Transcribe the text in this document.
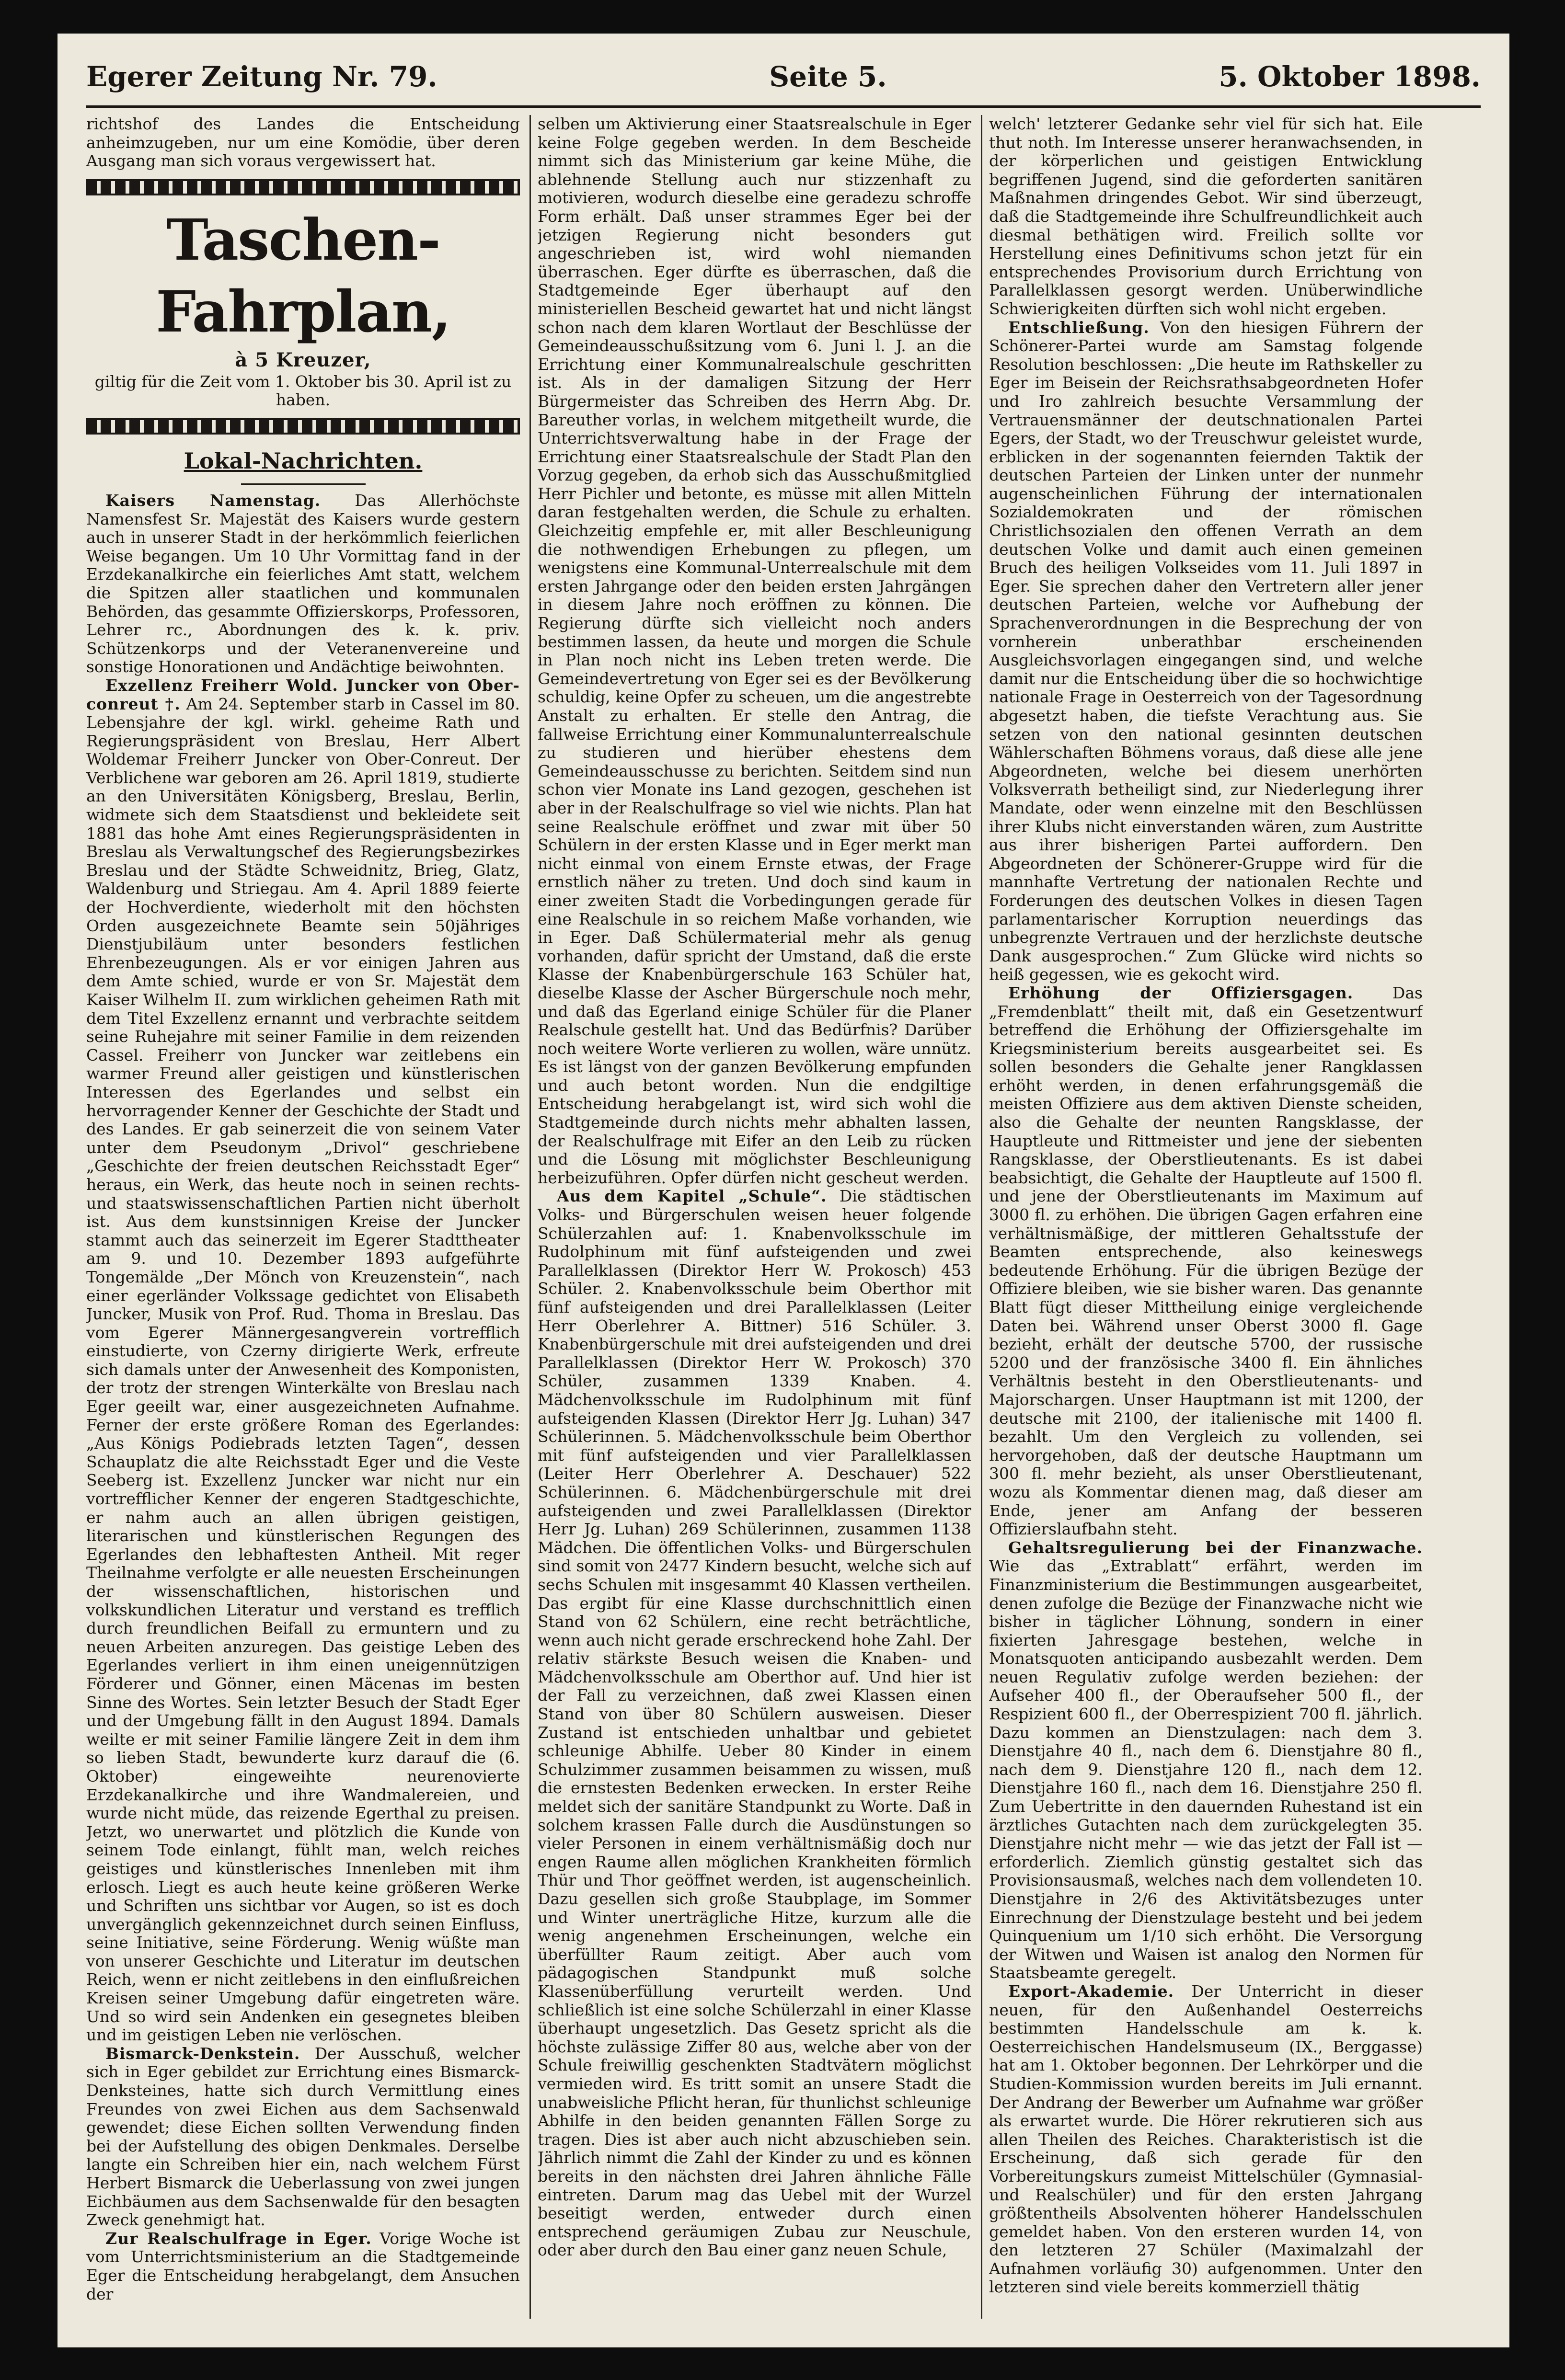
Egerer Zeitung Nr. 79.	Seite 5.	5. Oktober 1898.

richtshof des Landes die Entscheidung anheimzugeben, nur um eine Komödie, über deren Ausgang man sich voraus vergewissert hat.

Taschen-Fahrplan,

à 5 Kreuzer,

giltig für die Zeit vom 1. Oktober bis 30. April ist zu haben.

Lokal-Nachrichten.

Kaisers Namenstag. Das Allerhöchste Namensfest Sr. Majestät des Kaisers wurde gestern auch in unserer Stadt in der herkömmlich feierlichen Weise begangen. Um 10 Uhr Vormittag fand in der Erzdekanalkirche ein feierliches Amt statt, welchem die Spitzen aller staatlichen und kommunalen Behörden, das gesammte Offizierskorps, Professoren, Lehrer rc., Abordnungen des k. k. priv. Schützenkorps und der Veteranenvereine und sonstige Honorationen und Andächtige beiwohnten.

Exzellenz Freiherr Wold. Juncker von Ober-conreut †. Am 24. September starb in Cassel im 80. Lebensjahre der kgl. wirkl. geheime Rath und Regierungspräsident von Breslau, Herr Albert Woldemar Freiherr Juncker von Ober-Conreut. Der Verblichene war geboren am 26. April 1819, studierte an den Universitäten Königsberg, Breslau, Berlin, widmete sich dem Staatsdienst und bekleidete seit 1881 das hohe Amt eines Regierungspräsidenten in Breslau als Verwaltungschef des Regierungsbezirkes Breslau und der Städte Schweidnitz, Brieg, Glatz, Waldenburg und Striegau. Am 4. April 1889 feierte der Hochverdiente, wiederholt mit den höchsten Orden ausgezeichnete Beamte sein 50jähriges Dienstjubiläum unter besonders festlichen Ehrenbezeugungen. Als er vor einigen Jahren aus dem Amte schied, wurde er von Sr. Majestät dem Kaiser Wilhelm II. zum wirklichen geheimen Rath mit dem Titel Exzellenz ernannt und verbrachte seitdem seine Ruhejahre mit seiner Familie in dem reizenden Cassel. Freiherr von Juncker war zeitlebens ein warmer Freund aller geistigen und künstlerischen Interessen des Egerlandes und selbst ein hervorragender Kenner der Geschichte der Stadt und des Landes. Er gab seinerzeit die von seinem Vater unter dem Pseudonym „Drivol“ geschriebene „Geschichte der freien deutschen Reichsstadt Eger“ heraus, ein Werk, das heute noch in seinen rechts- und staatswissenschaftlichen Partien nicht überholt ist. Aus dem kunstsinnigen Kreise der Juncker stammt auch das seinerzeit im Egerer Stadttheater am 9. und 10. Dezember 1893 aufgeführte Tongemälde „Der Mönch von Kreuzenstein“, nach einer egerländer Volkssage gedichtet von Elisabeth Juncker, Musik von Prof. Rud. Thoma in Breslau. Das vom Egerer Männergesangverein vortrefflich einstudierte, von Czerny dirigierte Werk, erfreute sich damals unter der Anwesenheit des Komponisten, der trotz der strengen Winterkälte von Breslau nach Eger geeilt war, einer ausgezeichneten Aufnahme. Ferner der erste größere Roman des Egerlandes: „Aus Königs Podiebrads letzten Tagen“, dessen Schauplatz die alte Reichsstadt Eger und die Veste Seeberg ist. Exzellenz Juncker war nicht nur ein vortrefflicher Kenner der engeren Stadtgeschichte, er nahm auch an allen übrigen geistigen, literarischen und künstlerischen Regungen des Egerlandes den lebhaftesten Antheil. Mit reger Theilnahme verfolgte er alle neuesten Erscheinungen der wissenschaftlichen, historischen und volkskundlichen Literatur und verstand es trefflich durch freundlichen Beifall zu ermuntern und zu neuen Arbeiten anzuregen. Das geistige Leben des Egerlandes verliert in ihm einen uneigennützigen Förderer und Gönner, einen Mäcenas im besten Sinne des Wortes. Sein letzter Besuch der Stadt Eger und der Umgebung fällt in den August 1894. Damals weilte er mit seiner Familie längere Zeit in dem ihm so lieben Stadt, bewunderte kurz darauf die (6. Oktober) eingeweihte neurenovierte Erzdekanalkirche und ihre Wandmalereien, und wurde nicht müde, das reizende Egerthal zu preisen. Jetzt, wo unerwartet und plötzlich die Kunde von seinem Tode einlangt, fühlt man, welch reiches geistiges und künstlerisches Innenleben mit ihm erlosch. Liegt es auch heute keine größeren Werke und Schriften uns sichtbar vor Augen, so ist es doch unvergänglich gekennzeichnet durch seinen Einfluss, seine Initiative, seine Förderung. Wenig wüßte man von unserer Geschichte und Literatur im deutschen Reich, wenn er nicht zeitlebens in den einflußreichen Kreisen seiner Umgebung dafür eingetreten wäre. Und so wird sein Andenken ein gesegnetes bleiben und im geistigen Leben nie verlöschen.

Bismarck-Denkstein. Der Ausschuß, welcher sich in Eger gebildet zur Errichtung eines Bismarck-Denksteines, hatte sich durch Vermittlung eines Freundes von zwei Eichen aus dem Sachsenwald gewendet; diese Eichen sollten Verwendung finden bei der Aufstellung des obigen Denkmales. Derselbe langte ein Schreiben hier ein, nach welchem Fürst Herbert Bismarck die Ueberlassung von zwei jungen Eichbäumen aus dem Sachsenwalde für den besagten Zweck genehmigt hat.

Zur Realschulfrage in Eger. Vorige Woche ist vom Unterrichtsministerium an die Stadtgemeinde Eger die Entscheidung herabgelangt, dem Ansuchen der

selben um Aktivierung einer Staatsrealschule in Eger keine Folge gegeben werden. In dem Bescheide nimmt sich das Ministerium gar keine Mühe, die ablehnende Stellung auch nur stizzenhaft zu motivieren, wodurch dieselbe eine geradezu schroffe Form erhält. Daß unser strammes Eger bei der jetzigen Regierung nicht besonders gut angeschrieben ist, wird wohl niemanden überraschen. Eger dürfte es überraschen, daß die Stadtgemeinde Eger überhaupt auf den ministeriellen Bescheid gewartet hat und nicht längst schon nach dem klaren Wortlaut der Beschlüsse der Gemeindeausschußsitzung vom 6. Juni l. J. an die Errichtung einer Kommunalrealschule geschritten ist. Als in der damaligen Sitzung der Herr Bürgermeister das Schreiben des Herrn Abg. Dr. Bareuther vorlas, in welchem mitgetheilt wurde, die Unterrichtsverwaltung habe in der Frage der Errichtung einer Staatsrealschule der Stadt Plan den Vorzug gegeben, da erhob sich das Ausschußmitglied Herr Pichler und betonte, es müsse mit allen Mitteln daran festgehalten werden, die Schule zu erhalten. Gleichzeitig empfehle er, mit aller Beschleunigung die nothwendigen Erhebungen zu pflegen, um wenigstens eine Kommunal-Unterrealschule mit dem ersten Jahrgange oder den beiden ersten Jahrgängen in diesem Jahre noch eröffnen zu können. Die Regierung dürfte sich vielleicht noch anders bestimmen lassen, da heute und morgen die Schule in Plan noch nicht ins Leben treten werde. Die Gemeindevertretung von Eger sei es der Bevölkerung schuldig, keine Opfer zu scheuen, um die angestrebte Anstalt zu erhalten. Er stelle den Antrag, die fallweise Errichtung einer Kommunalunterrealschule zu studieren und hierüber ehestens dem Gemeindeausschusse zu berichten. Seitdem sind nun schon vier Monate ins Land gezogen, geschehen ist aber in der Realschulfrage so viel wie nichts. Plan hat seine Realschule eröffnet und zwar mit über 50 Schülern in der ersten Klasse und in Eger merkt man nicht einmal von einem Ernste etwas, der Frage ernstlich näher zu treten. Und doch sind kaum in einer zweiten Stadt die Vorbedingungen gerade für eine Realschule in so reichem Maße vorhanden, wie in Eger. Daß Schülermaterial mehr als genug vorhanden, dafür spricht der Umstand, daß die erste Klasse der Knabenbürgerschule 163 Schüler hat, dieselbe Klasse der Ascher Bürgerschule noch mehr, und daß das Egerland einige Schüler für die Planer Realschule gestellt hat. Und das Bedürfnis? Darüber noch weitere Worte verlieren zu wollen, wäre unnütz. Es ist längst von der ganzen Bevölkerung empfunden und auch betont worden. Nun die endgiltige Entscheidung herabgelangt ist, wird sich wohl die Stadtgemeinde durch nichts mehr abhalten lassen, der Realschulfrage mit Eifer an den Leib zu rücken und die Lösung mit möglichster Beschleunigung herbeizuführen. Opfer dürfen nicht gescheut werden.

Aus dem Kapitel „Schule“. Die städtischen Volks- und Bürgerschulen weisen heuer folgende Schülerzahlen auf: 1. Knabenvolksschule im Rudolphinum mit fünf aufsteigenden und zwei Parallelklassen (Direktor Herr W. Prokosch) 453 Schüler. 2. Knabenvolksschule beim Oberthor mit fünf aufsteigenden und drei Parallelklassen (Leiter Herr Oberlehrer A. Bittner) 516 Schüler. 3. Knabenbürgerschule mit drei aufsteigenden und drei Parallelklassen (Direktor Herr W. Prokosch) 370 Schüler, zusammen 1339 Knaben. 4. Mädchenvolksschule im Rudolphinum mit fünf aufsteigenden Klassen (Direktor Herr Jg. Luhan) 347 Schülerinnen. 5. Mädchenvolksschule beim Oberthor mit fünf aufsteigenden und vier Parallelklassen (Leiter Herr Oberlehrer A. Deschauer) 522 Schülerinnen. 6. Mädchenbürgerschule mit drei aufsteigenden und zwei Parallelklassen (Direktor Herr Jg. Luhan) 269 Schülerinnen, zusammen 1138 Mädchen. Die öffentlichen Volks- und Bürgerschulen sind somit von 2477 Kindern besucht, welche sich auf sechs Schulen mit insgesammt 40 Klassen vertheilen. Das ergibt für eine Klasse durchschnittlich einen Stand von 62 Schülern, eine recht beträchtliche, wenn auch nicht gerade erschreckend hohe Zahl. Der relativ stärkste Besuch weisen die Knaben- und Mädchenvolksschule am Oberthor auf. Und hier ist der Fall zu verzeichnen, daß zwei Klassen einen Stand von über 80 Schülern ausweisen. Dieser Zustand ist entschieden unhaltbar und gebietet schleunige Abhilfe. Ueber 80 Kinder in einem Schulzimmer zusammen beisammen zu wissen, muß die ernstesten Bedenken erwecken. In erster Reihe meldet sich der sanitäre Standpunkt zu Worte. Daß in solchem krassen Falle durch die Ausdünstungen so vieler Personen in einem verhältnismäßig doch nur engen Raume allen möglichen Krankheiten förmlich Thür und Thor geöffnet werden, ist augenscheinlich. Dazu gesellen sich große Staubplage, im Sommer und Winter unerträgliche Hitze, kurzum alle die wenig angenehmen Erscheinungen, welche ein überfüllter Raum zeitigt. Aber auch vom pädagogischen Standpunkt muß solche Klassenüberfüllung verurteilt werden. Und schließlich ist eine solche Schülerzahl in einer Klasse überhaupt ungesetzlich. Das Gesetz spricht als die höchste zulässige Ziffer 80 aus, welche aber von der Schule freiwillig geschenkten Stadtvätern möglichst vermieden wird. Es tritt somit an unsere Stadt die unabweisliche Pflicht heran, für thunlichst schleunige Abhilfe in den beiden genannten Fällen Sorge zu tragen. Dies ist aber auch nicht abzuschieben sein. Jährlich nimmt die Zahl der Kinder zu und es können bereits in den nächsten drei Jahren ähnliche Fälle eintreten. Darum mag das Uebel mit der Wurzel beseitigt werden, entweder durch einen entsprechend geräumigen Zubau zur Neuschule, oder aber durch den Bau einer ganz neuen Schule,

welch' letzterer Gedanke sehr viel für sich hat. Eile thut noth. Im Interesse unserer heranwachsenden, in der körperlichen und geistigen Entwicklung begriffenen Jugend, sind die geforderten sanitären Maßnahmen dringendes Gebot. Wir sind überzeugt, daß die Stadtgemeinde ihre Schulfreundlichkeit auch diesmal bethätigen wird. Freilich sollte vor Herstellung eines Definitivums schon jetzt für ein entsprechendes Provisorium durch Errichtung von Parallelklassen gesorgt werden. Unüberwindliche Schwierigkeiten dürften sich wohl nicht ergeben.

Entschließung. Von den hiesigen Führern der Schönerer-Partei wurde am Samstag folgende Resolution beschlossen: „Die heute im Rathskeller zu Eger im Beisein der Reichsrathsabgeordneten Hofer und Iro zahlreich besuchte Versammlung der Vertrauensmänner der deutschnationalen Partei Egers, der Stadt, wo der Treuschwur geleistet wurde, erblicken in der sogenannten feiernden Taktik der deutschen Parteien der Linken unter der nunmehr augenscheinlichen Führung der internationalen Sozialdemokraten und der römischen Christlichsozialen den offenen Verrath an dem deutschen Volke und damit auch einen gemeinen Bruch des heiligen Volkseides vom 11. Juli 1897 in Eger. Sie sprechen daher den Vertretern aller jener deutschen Parteien, welche vor Aufhebung der Sprachenverordnungen in die Besprechung der von vornherein unberathbar erscheinenden Ausgleichsvorlagen eingegangen sind, und welche damit nur die Entscheidung über die so hochwichtige nationale Frage in Oesterreich von der Tagesordnung abgesetzt haben, die tiefste Verachtung aus. Sie setzen von den national gesinnten deutschen Wählerschaften Böhmens voraus, daß diese alle jene Abgeordneten, welche bei diesem unerhörten Volksverrath betheiligt sind, zur Niederlegung ihrer Mandate, oder wenn einzelne mit den Beschlüssen ihrer Klubs nicht einverstanden wären, zum Austritte aus ihrer bisherigen Partei auffordern. Den Abgeordneten der Schönerer-Gruppe wird für die mannhafte Vertretung der nationalen Rechte und Forderungen des deutschen Volkes in diesen Tagen parlamentarischer Korruption neuerdings das unbegrenzte Vertrauen und der herzlichste deutsche Dank ausgesprochen.“ Zum Glücke wird nichts so heiß gegessen, wie es gekocht wird.

Erhöhung der Offiziersgagen. Das „Fremdenblatt“ theilt mit, daß ein Gesetzentwurf betreffend die Erhöhung der Offiziersgehalte im Kriegsministerium bereits ausgearbeitet sei. Es sollen besonders die Gehalte jener Rangklassen erhöht werden, in denen erfahrungsgemäß die meisten Offiziere aus dem aktiven Dienste scheiden, also die Gehalte der neunten Rangsklasse, der Hauptleute und Rittmeister und jene der siebenten Rangsklasse, der Oberstlieutenants. Es ist dabei beabsichtigt, die Gehalte der Hauptleute auf 1500 fl. und jene der Oberstlieutenants im Maximum auf 3000 fl. zu erhöhen. Die übrigen Gagen erfahren eine verhältnismäßige, der mittleren Gehaltsstufe der Beamten entsprechende, also keineswegs bedeutende Erhöhung. Für die übrigen Bezüge der Offiziere bleiben, wie sie bisher waren. Das genannte Blatt fügt dieser Mittheilung einige vergleichende Daten bei. Während unser Oberst 3000 fl. Gage bezieht, erhält der deutsche 5700, der russische 5200 und der französische 3400 fl. Ein ähnliches Verhältnis besteht in den Oberstlieutenants- und Majorschargen. Unser Hauptmann ist mit 1200, der deutsche mit 2100, der italienische mit 1400 fl. bezahlt. Um den Vergleich zu vollenden, sei hervorgehoben, daß der deutsche Hauptmann um 300 fl. mehr bezieht, als unser Oberstlieutenant, wozu als Kommentar dienen mag, daß dieser am Ende, jener am Anfang der besseren Offizierslaufbahn steht.

Gehaltsregulierung bei der Finanzwache. Wie das „Extrablatt“ erfährt, werden im Finanzministerium die Bestimmungen ausgearbeitet, denen zufolge die Bezüge der Finanzwache nicht wie bisher in täglicher Löhnung, sondern in einer fixierten Jahresgage bestehen, welche in Monatsquoten anticipando ausbezahlt werden. Dem neuen Regulativ zufolge werden beziehen: der Aufseher 400 fl., der Oberaufseher 500 fl., der Respizient 600 fl., der Oberrespizient 700 fl. jährlich. Dazu kommen an Dienstzulagen: nach dem 3. Dienstjahre 40 fl., nach dem 6. Dienstjahre 80 fl., nach dem 9. Dienstjahre 120 fl., nach dem 12. Dienstjahre 160 fl., nach dem 16. Dienstjahre 250 fl. Zum Uebertritte in den dauernden Ruhestand ist ein ärztliches Gutachten nach dem zurückgelegten 35. Dienstjahre nicht mehr — wie das jetzt der Fall ist — erforderlich. Ziemlich günstig gestaltet sich das Provisionsausmaß, welches nach dem vollendeten 10. Dienstjahre in 2/6 des Aktivitätsbezuges unter Einrechnung der Dienstzulage besteht und bei jedem Quinquenium um 1/10 sich erhöht. Die Versorgung der Witwen und Waisen ist analog den Normen für Staatsbeamte geregelt.

Export-Akademie. Der Unterricht in dieser neuen, für den Außenhandel Oesterreichs bestimmten Handelsschule am k. k. Oesterreichischen Handelsmuseum (IX., Berggasse) hat am 1. Oktober begonnen. Der Lehrkörper und die Studien-Kommission wurden bereits im Juli ernannt. Der Andrang der Bewerber um Aufnahme war größer als erwartet wurde. Die Hörer rekrutieren sich aus allen Theilen des Reiches. Charakteristisch ist die Erscheinung, daß sich gerade für den Vorbereitungskurs zumeist Mittelschüler (Gymnasial- und Realschüler) und für den ersten Jahrgang größtentheils Absolventen höherer Handelsschulen gemeldet haben. Von den ersteren wurden 14, von den letzteren 27 Schüler (Maximalzahl der Aufnahmen vorläufig 30) aufgenommen. Unter den letzteren sind viele bereits kommerziell thätig
